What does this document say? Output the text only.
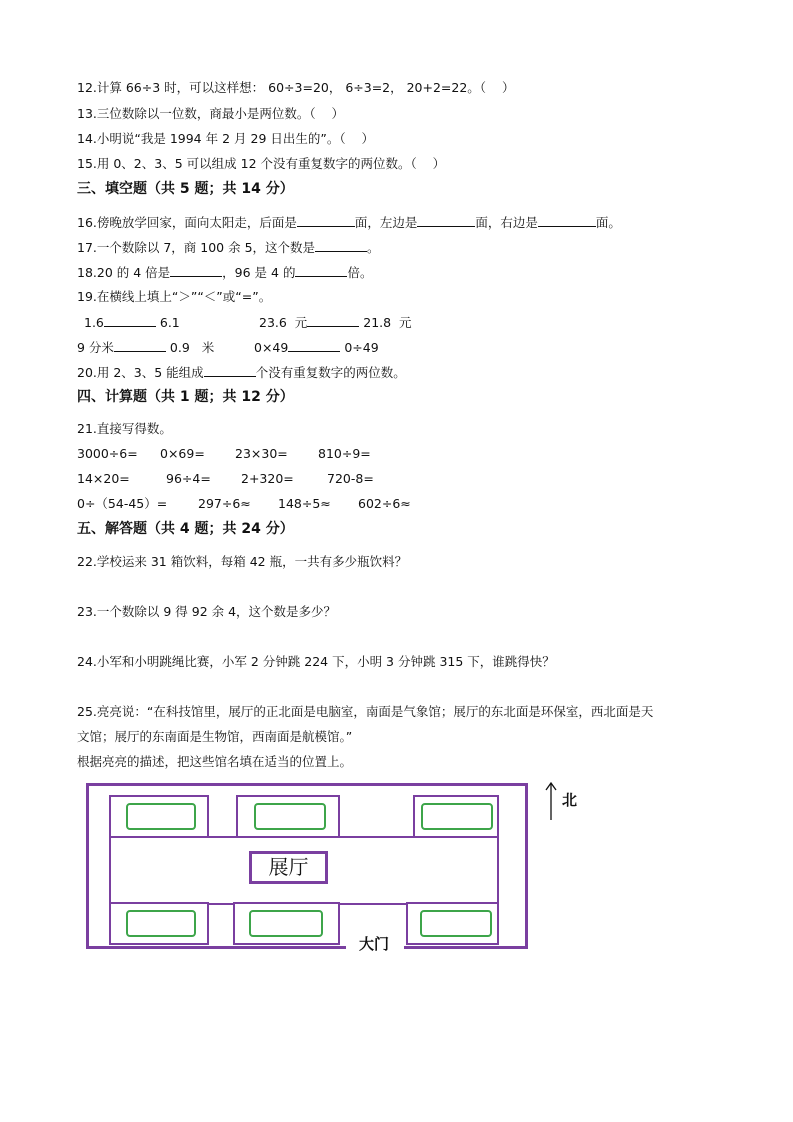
12.计算 66÷3 时，可以这样想： 60÷3=20， 6÷3=2， 20+2=22。（    ）
13.三位数除以一位数，商最小是两位数。（    ）
14.小明说“我是 1994 年 2 月 29 日出生的”。（    ）
15.用 0、2、3、5 可以组成 12 个没有重复数字的两位数。（    ）
三、填空题（共 5 题；共 14 分）
16.傍晚放学回家，面向太阳走，后面是	面，左边是	面，右边是	面。
17.一个数除以 7，商 100 余 5，这个数是	。
18.20 的 4 倍是	，96 是 4 的	倍。
19.在横线上填上“＞”“＜”或“=”。
1.6	6.1	23.6  元	21.8  元
9 分米	0.9   米	0×49	0÷49
20.用 2、3、5 能组成	个没有重复数字的两位数。
四、计算题（共 1 题；共 12 分）
21.直接写得数。
3000÷6= 0×69= 23×30= 810÷9=
14×20=	96÷4= 2+320=	720-8=
0÷（54-45）= 297÷6≈ 148÷5≈ 602÷6≈
五、解答题（共 4 题；共 24 分）
22.学校运来 31 箱饮料，每箱 42 瓶，一共有多少瓶饮料？
23.一个数除以 9 得 92 余 4，这个数是多少？
24.小军和小明跳绳比赛，小军 2 分钟跳 224 下，小明 3 分钟跳 315 下，谁跳得快？
25.亮亮说：“在科技馆里，展厅的正北面是电脑室，南面是气象馆；展厅的东北面是环保室，西北面是天
文馆；展厅的东南面是生物馆，西南面是航模馆。”
根据亮亮的描述，把这些馆名填在适当的位置上。
展厅
大门
北
